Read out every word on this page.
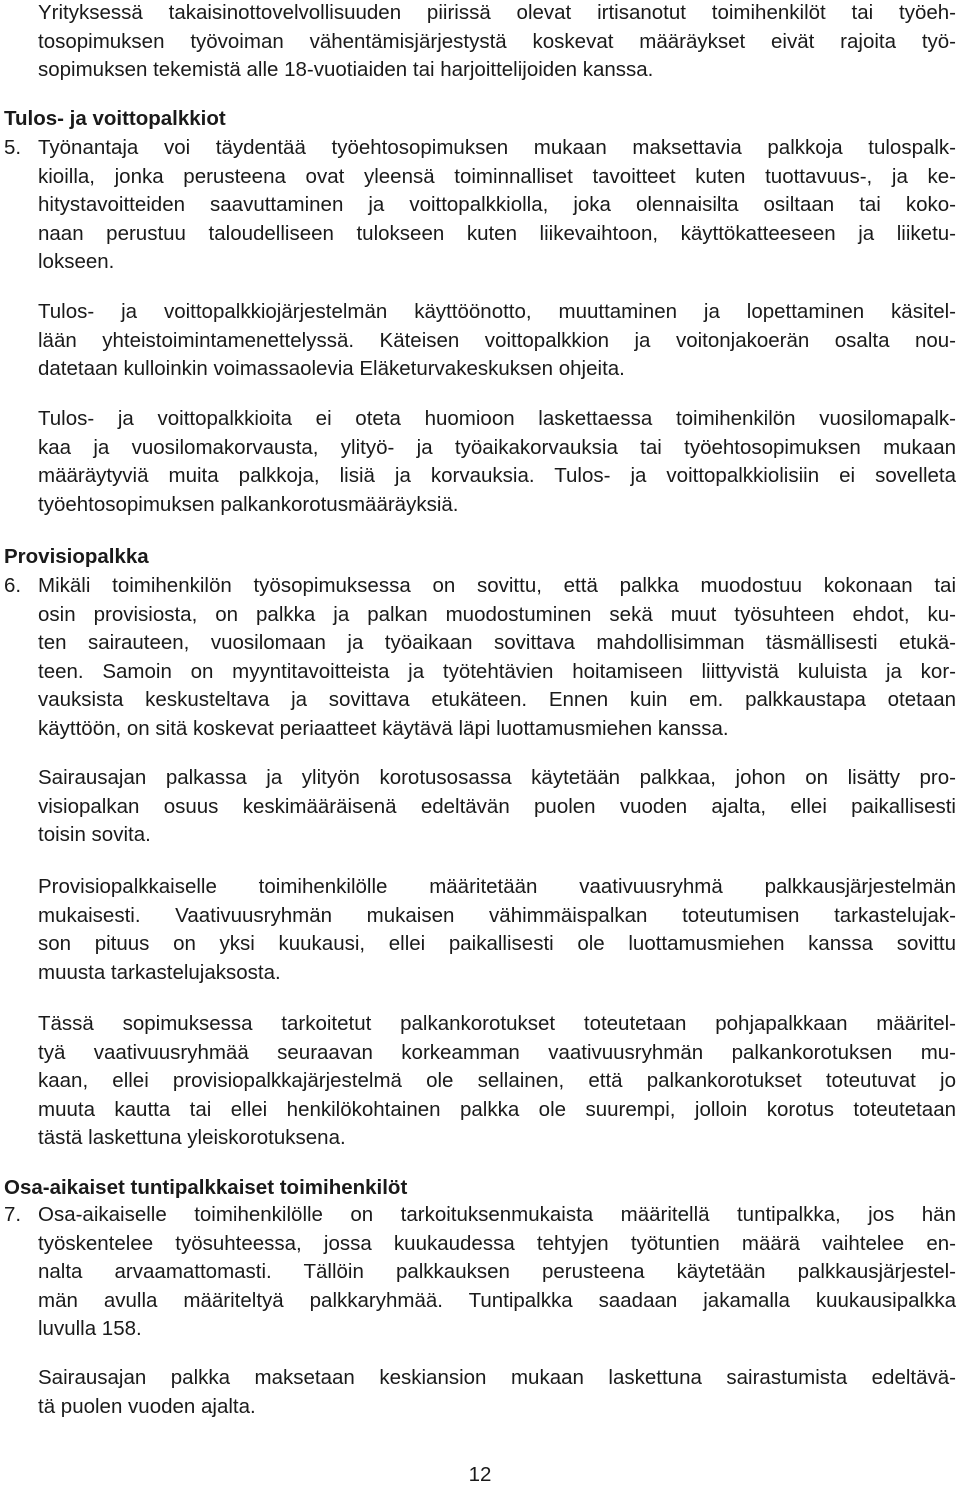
Yrityksessä takaisinottovelvollisuuden piirissä olevat irtisanotut toimihenkilöt tai työeh-
tosopimuksen työvoiman vähentämisjärjestystä koskevat määräykset eivät rajoita työ-
sopimuksen tekemistä alle 18-vuotiaiden tai harjoittelijoiden kanssa.
Tulos- ja voittopalkkiot
5. Työnantaja voi täydentää työehtosopimuksen mukaan maksettavia palkkoja tulospalk-
kioilla, jonka perusteena ovat yleensä toiminnalliset tavoitteet kuten tuottavuus-, ja ke-
hitystavoitteiden saavuttaminen ja voittopalkkiolla, joka olennaisilta osiltaan tai koko-
naan perustuu taloudelliseen tulokseen kuten liikevaihtoon, käyttökatteeseen ja liiketu-
lokseen.
Tulos- ja voittopalkkiojärjestelmän käyttöönotto, muuttaminen ja lopettaminen käsitel-
lään yhteistoimintamenettelyssä. Käteisen voittopalkkion ja voitonjakoerän osalta nou-
datetaan kulloinkin voimassaolevia Eläketurvakeskuksen ohjeita.
Tulos- ja voittopalkkioita ei oteta huomioon laskettaessa toimihenkilön vuosilomapalk-
kaa ja vuosilomakorvausta, ylityö- ja työaikakorvauksia tai työehtosopimuksen mukaan
määräytyviä muita palkkoja, lisiä ja korvauksia. Tulos- ja voittopalkkiolisiin ei sovelleta
työehtosopimuksen palkankorotusmääräyksiä.
Provisiopalkka
6. Mikäli toimihenkilön työsopimuksessa on sovittu, että palkka muodostuu kokonaan tai
osin provisiosta, on palkka ja palkan muodostuminen sekä muut työsuhteen ehdot, ku-
ten sairauteen, vuosilomaan ja työaikaan sovittava mahdollisimman täsmällisesti etukä-
teen. Samoin on myyntitavoitteista ja työtehtävien hoitamiseen liittyvistä kuluista ja kor-
vauksista keskusteltava ja sovittava etukäteen. Ennen kuin em. palkkaustapa otetaan
käyttöön, on sitä koskevat periaatteet käytävä läpi luottamusmiehen kanssa.
Sairausajan palkassa ja ylityön korotusosassa käytetään palkkaa, johon on lisätty pro-
visiopalkan osuus keskimääräisenä edeltävän puolen vuoden ajalta, ellei paikallisesti
toisin sovita.
Provisiopalkkaiselle toimihenkilölle määritetään vaativuusryhmä palkkausjärjestelmän
mukaisesti. Vaativuusryhmän mukaisen vähimmäispalkan toteutumisen tarkastelujak-
son pituus on yksi kuukausi, ellei paikallisesti ole luottamusmiehen kanssa sovittu
muusta tarkastelujaksosta.
Tässä sopimuksessa tarkoitetut palkankorotukset toteutetaan pohjapalkkaan määritel-
tyä vaativuusryhmää seuraavan korkeamman vaativuusryhmän palkankorotuksen mu-
kaan, ellei provisiopalkkajärjestelmä ole sellainen, että palkankorotukset toteutuvat jo
muuta kautta tai ellei henkilökohtainen palkka ole suurempi, jolloin korotus toteutetaan
tästä laskettuna yleiskorotuksena.
Osa-aikaiset tuntipalkkaiset toimihenkilöt
7. Osa-aikaiselle toimihenkilölle on tarkoituksenmukaista määritellä tuntipalkka, jos hän
työskentelee työsuhteessa, jossa kuukaudessa tehtyjen työtuntien määrä vaihtelee en-
nalta arvaamattomasti. Tällöin palkkauksen perusteena käytetään palkkausjärjestel-
män avulla määriteltyä palkkaryhmää. Tuntipalkka saadaan jakamalla kuukausipalkka
luvulla 158.
Sairausajan palkka maksetaan keskiansion mukaan laskettuna sairastumista edeltävä-
tä puolen vuoden ajalta.
12
